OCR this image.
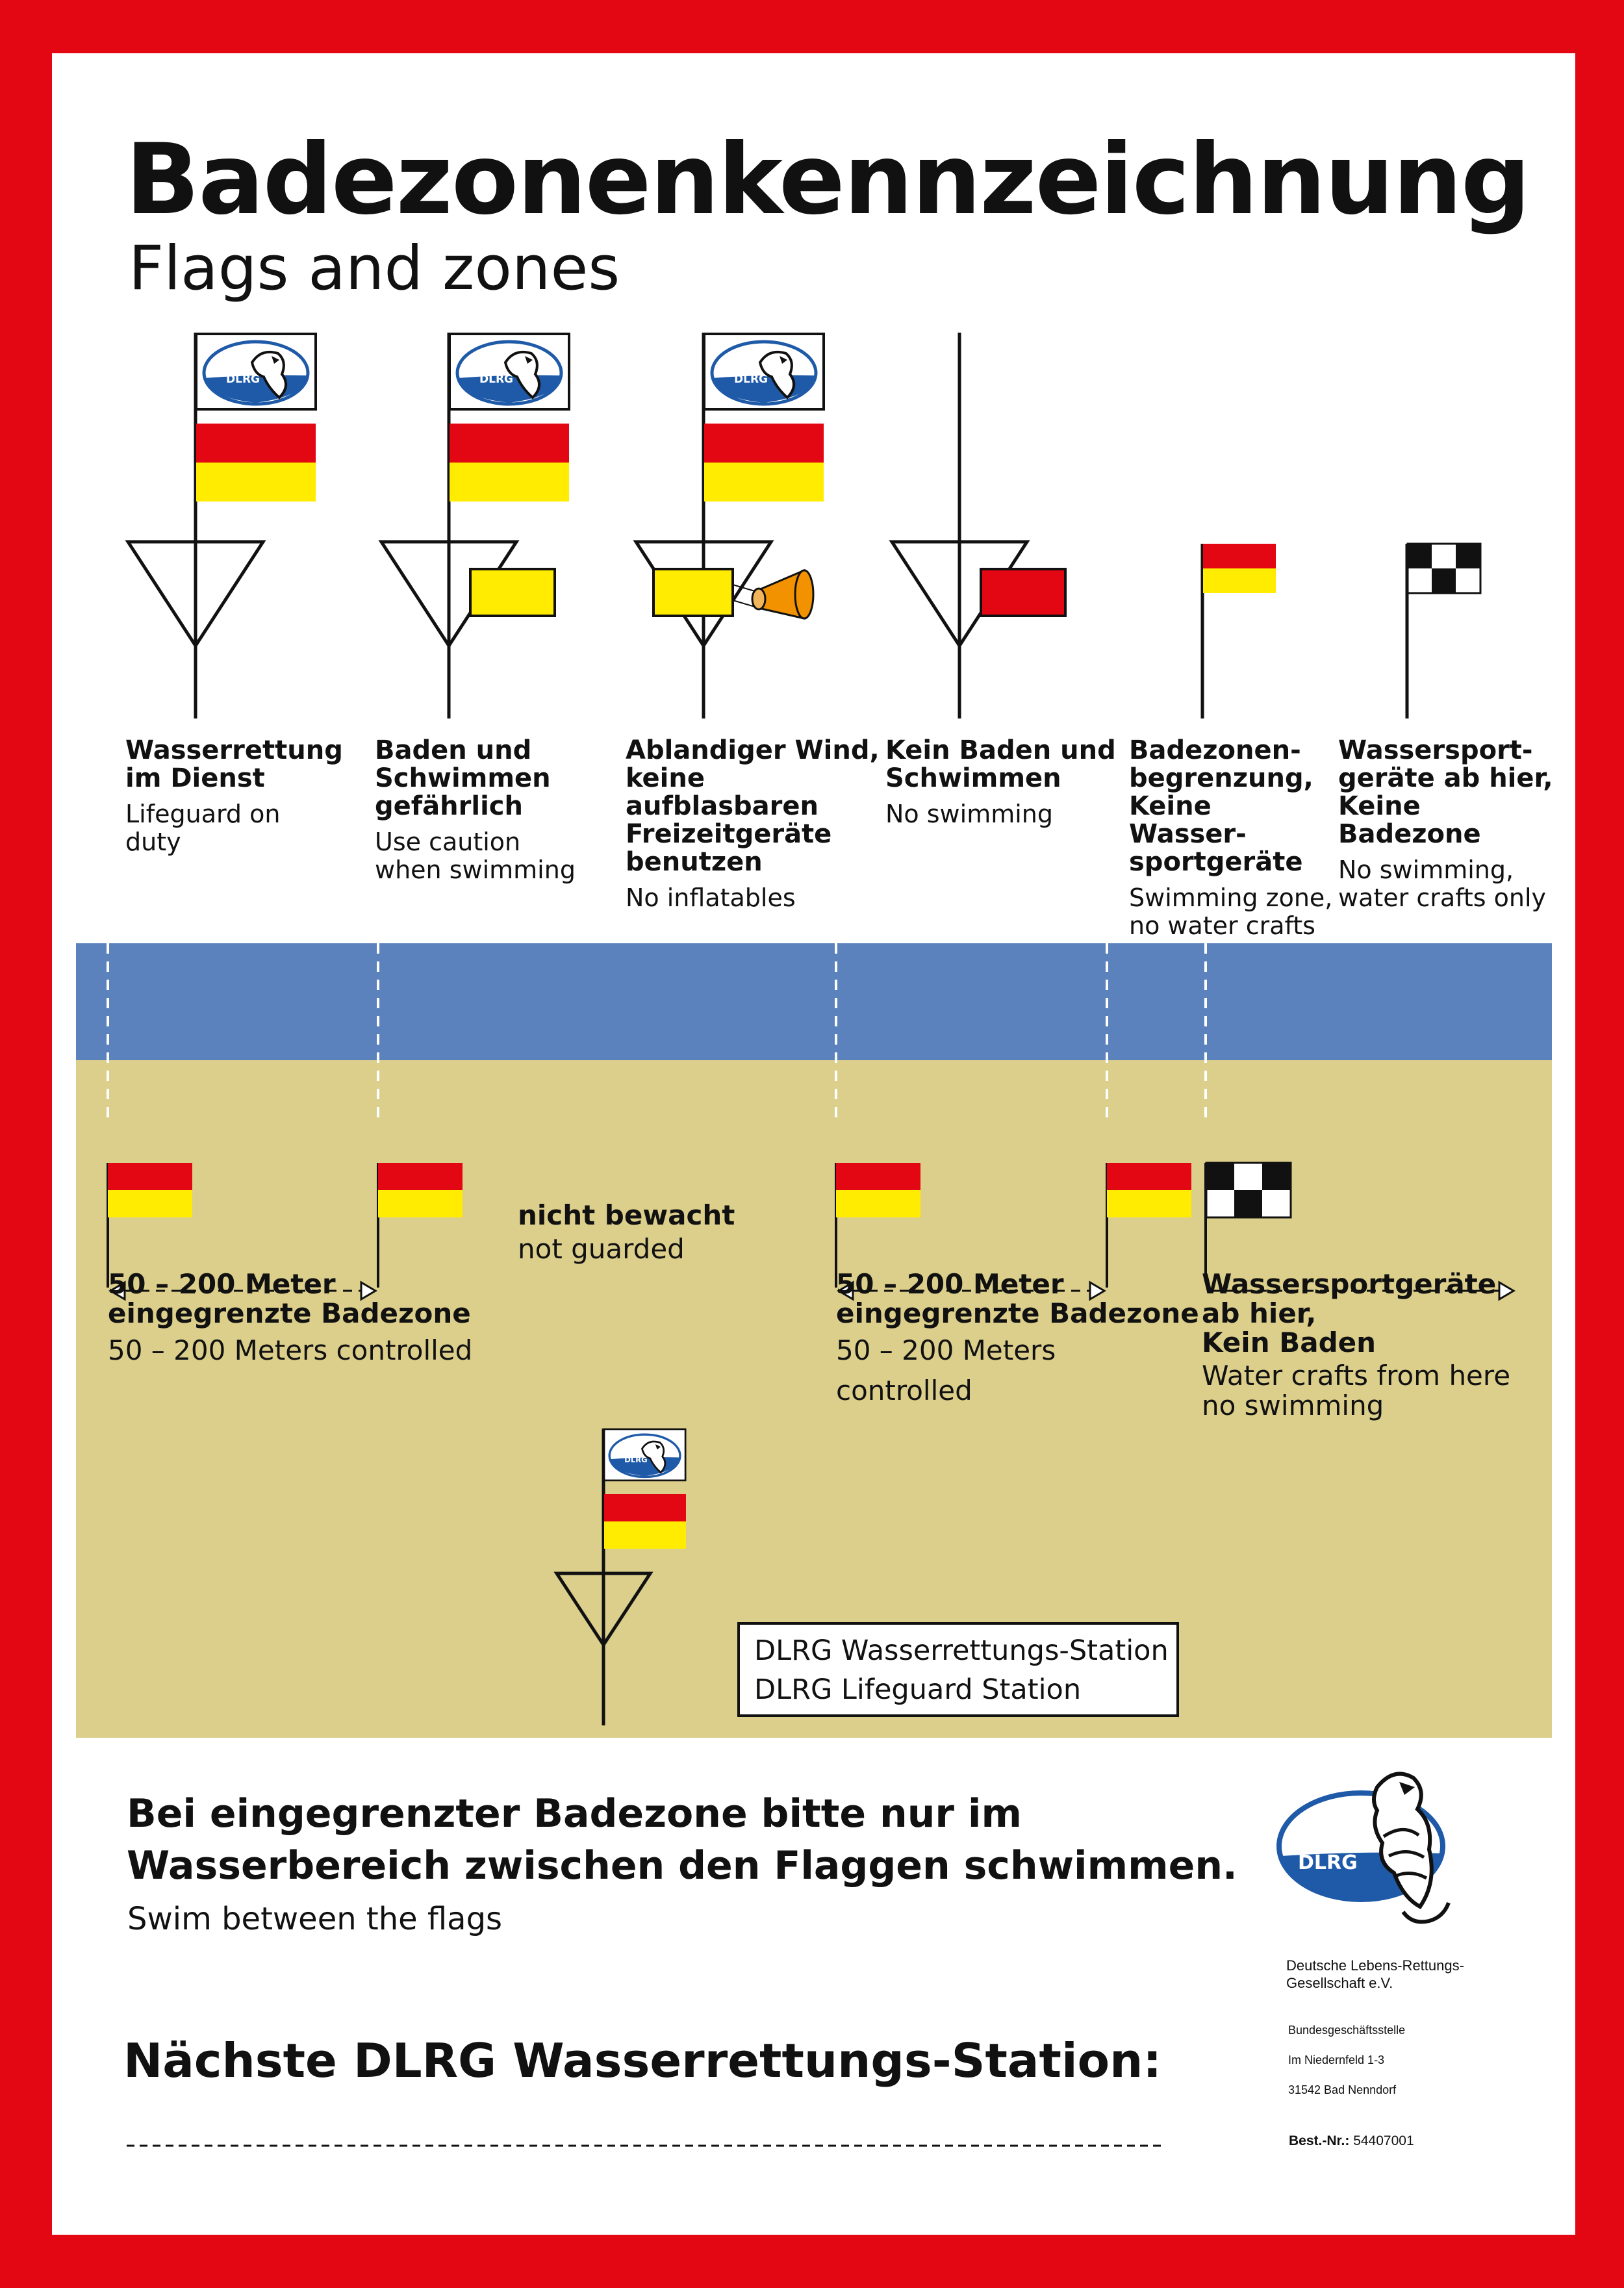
Badezonenkennzeichnung
Flags and zones
DLRG
Wasserrettung
im Dienst
Lifeguard on duty
Baden und
Schwimmen
gefährlich
Use caution
when swimming
Ablandiger Wind,
keine aufblasbaren
Freizeitgeräte
benutzen
No inflatables
Kein Baden und
Schwimmen
No swimming
Badezonen-
begrenzung,
Keine Wasser-
sportgeräte
Swimming zone,
no water crafts
Wassersport-
geräte ab hier,
Keine Badezone
No swimming,
water crafts only
50 – 200 Meter
eingegrenzte Badezone
50 – 200 Meters controlled
nicht bewacht
not guarded
50 – 200 Meter
eingegrenzte Badezone
50 – 200 Meters
controlled
Wassersportgeräte
ab hier,
Kein Baden
Water crafts from here
no swimming
DLRG Wasserrettungs-Station
DLRG Lifeguard Station
Bei eingegrenzter Badezone bitte nur im
Wasserbereich zwischen den Flaggen schwimmen.
Swim between the flags
Nächste DLRG Wasserrettungs-Station:
DLRG
Deutsche Lebens-Rettungs-
Gesellschaft e.V.
Bundesgeschäftsstelle
Im Niedernfeld 1-3
31542 Bad Nenndorf
Best.-Nr.: 54407001
